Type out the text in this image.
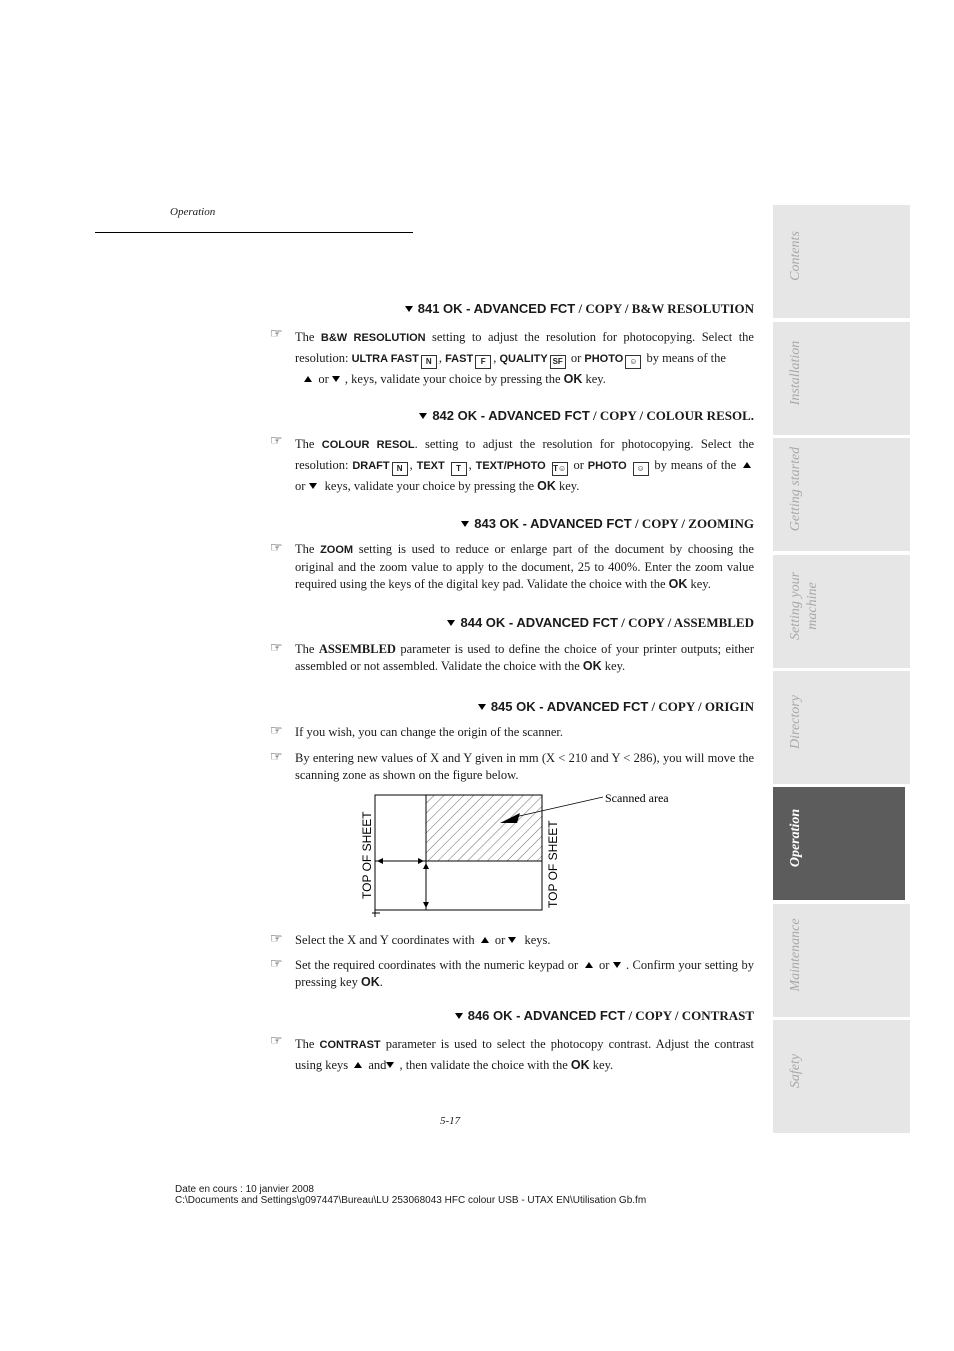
Operation
841 OK - ADVANCED FCT / COPY / B&W RESOLUTION
☞ The B&W RESOLUTION setting to adjust the resolution for photocopying. Select the resolution: ULTRA FAST N , FAST F , QUALITY SF or PHOTO ☺ by means of the
or , keys, validate your choice by pressing the OK key.
842 OK - ADVANCED FCT / COPY / COLOUR RESOL.
☞ The COLOUR RESOL. setting to adjust the resolution for photocopying. Select the resolution: DRAFT N , TEXT T , TEXT/PHOTO T☺ or PHOTO ☺ by means of the  or  keys, validate your choice by pressing the OK key.
843 OK - ADVANCED FCT / COPY / ZOOMING
☞ The ZOOM setting is used to reduce or enlarge part of the document by choosing the original and the zoom value to apply to the document, 25 to 400%. Enter the zoom value required using the keys of the digital key pad. Validate the choice with the OK key.
844 OK - ADVANCED FCT / COPY / ASSEMBLED
☞ The ASSEMBLED parameter is used to define the choice of your printer outputs; either assembled or not assembled. Validate the choice with the OK key.
845 OK - ADVANCED FCT / COPY / ORIGIN
☞ If you wish, you can change the origin of the scanner.
☞ By entering new values of X and Y given in mm (X < 210 and Y < 286), you will move the scanning zone as shown on the figure below.
Scanned area
TOP OF SHEET	TOP OF SHEET
☞ Select the X and Y coordinates with  or  keys.
☞ Set the required coordinates with the numeric keypad or  or . Confirm your setting by pressing key OK.
846 OK - ADVANCED FCT / COPY / CONTRAST
☞ The CONTRAST parameter is used to select the photocopy contrast. Adjust the contrast using keys  and , then validate the choice with the OK key.
Contents
Installation
Getting started
Setting your machine
Directory
Operation
Maintenance
Safety
5-17
Date en cours : 10 janvier 2008
C:\Documents and Settings\g097447\Bureau\LU 253068043 HFC colour USB - UTAX EN\Utilisation Gb.fm
